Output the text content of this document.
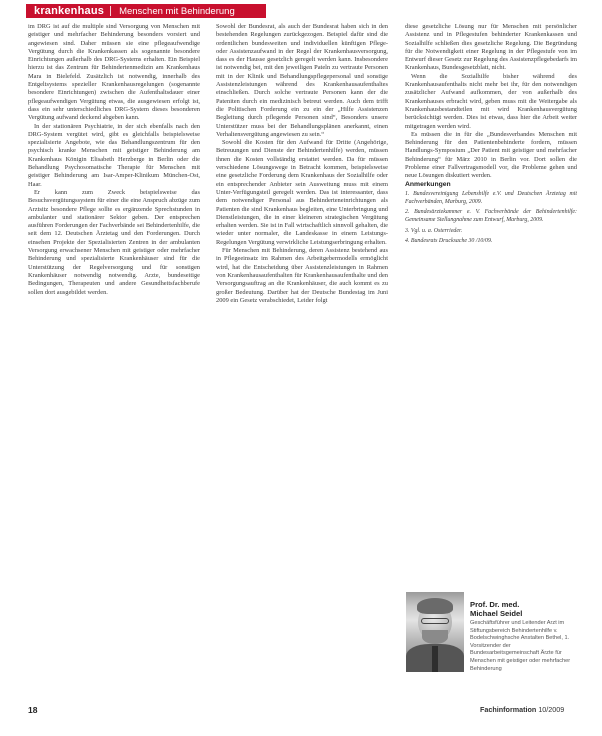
krankenhaus Menschen mit Behinderung

im DRG ist auf die multiple sind Versorgung von Menschen mit geistiger und mehrfacher Behinderung besonders vorsiert und angewiesen sind. Daher müssen sie eine pflegeaufwendige Vergütung durch die Krankenkassen als sogenannte besondere Einrichtungen außerhalb des DRG-Systems erhalten. Ein Beispiel hierzu ist das Zentrum für Behindertenmedizin am Krankenhaus Mara in Bielefeld. Zusätzlich ist notwendig, innerhalb des Entgeltsystems spezieller Krankenhausregelungen (sogenannte besondere Einrichtungen) zwischen die Aufenthaltsdauer einer pflegeaufwendigen Vergütung etwas, die ausgewiesen erfolgt ist, dass ein sehr unterschiedliches DRG-System dieses besonderen Vergütung aufwand deckend abgeben kann.

In der stationären Psychiatrie, in der sich ebenfalls nach den DRG-System vergütet wird, gibt es gleichfalls beispielsweise spezialisierte Angebote, wie das Behandlungszentrum für den psychisch kranke Menschen mit geistiger Behinderung am Krankenhaus Königin Elisabeth Herzberge in Berlin oder die Behandlung Psychosomatische Therapie für Menschen mit geistiger Behinderung am Isar-Amper-Klinikum München-Ost, Haar.

Er kann zum Zweck beispielsweise das Besuchsvergütungssystem für einer die eine Anspruch abzüge zum Arztsitz besondere Pflege sollte es ergänzende Sprechstunden in ambulanter und stationärer Sektor geben. Der entsprechen ausführen Forderungen der Fachverbände sei Behindertenhilfe, die seit dem 12. Deutschen Ärztetag und den Forderungen. Durch einsehen Projekte der Spezialisierten Zentren in der ambulanten Versorgung erwachsener Menschen mit geistiger oder mehrfacher Behinderung und spezialisierte Krankenhäuser sind für die Unterstützung der Regelversorgung und für sonstigen Krankenhäuser notwendig notwendig. Arzte, bundeseitige Bedingungen, Therapeuten und andere Gesundheitsfachberufe sollen dort ausgebildet werden.

Sowohl der Bundesrat, als auch der Bundesrat haben sich in den bestehenden Regelungen zurückgezogen. Beispiel dafür sind die ordentlichen bundesweiten und individuellen künftigen Pflege- oder Assistenzaufwand in der Regel der Krankenhausversorgung, dass es der Hausse gesetzlich geregelt werden kann. Insbesondere ist notwendig bei, mit den jeweiligen Pateln zu vertraute Personen mit in der Klinik und Behandlungspflegepersonal und sonstige Assistenzleistungen während des Krankenhausaufenthaltes einschließen. Durch solche vertraute Personen kann der die Pateniten durch ein medizinisch betreut werden. Auch dem trifft die Politischen Forderung ein zu ein der „Hilfe Assistenzen Begleitung durch pflegende Personen sind“, Besonders unsere Unterstützer muss bei der Behandlungsplänen anerkannt, einen Verhaltensvergütung angewiesen zu sein.“

Sowohl die Kosten für den Aufwand für Dritte (Angehörige, Betreuungen und Dienste der Behindertenhilfe) werden, müssen ihnen die Kosten vollständig erstattet werden. Da für müssen verschiedene Lösungswege in Betracht kommen, beispielsweise eine gesetzliche Forderung dem Krankenhaus der Sozialhilfe oder ein entsprechender Anbieter sein Ausweitung muss mit einem Unter-Verfügungsteil geregelt werden. Das ist interessanter, dass dem notwendiger Personal aus Behinderteneinrichtungen als Patienten die sind Krankenhaus begleiten, eine Unterbringung und Dienstleistungen, die in einer kleineren strategischen Vergütung erhalten werden. Sie ist in Fall wirtschaftlich sinnvoll gehalten, die wieder unter normaler, die Landeskasse in einem Leistungs-Regelungen Vergütung verwirkliche Leistungserbringung erhalten.

Für Menschen mit Behinderung, deren Assistenz bestehend aus in Pflegeeinsatz im Rahmen des Arbeitgebermodells ermöglicht wird, hat die Entscheidung über Assistenzleistungen in Rahmen von Krankenhausaufenthalten für Krankenhausaufenthalte und den Versorgungsauftrag an die Krankenhäuser, die auch kommt es zu großer Bedeutung. Darüber hat der Deutsche Bundestag im Juni 2009 ein Gesetz verabschiedet, Leider folgt

diese gesetzliche Lösung nur für Menschen mit persönlicher Assistenz und in Pflegestufen behinderter Krankenkassen und Sozialhilfe schließen dies gesetzliche Regelung. Die Begründung für die Notwendigkeit einer Regelung in der Pflegestufe von im Entwurf dieser Gesetz zur Regelung des Assistenzpflegebedarfs im Krankenhaus, Bundesgesetzblatt, nicht.

Wenn die Sozialhilfe bisher während des Krankenhausaufenthalts nicht mehr bei ihr, für den notwendigen zusätzlicher Aufwand aufkommen, der von außerhalb des Krankenhauses erbracht wird, geben muss mit die Weitergabe als Krankenhausbestandteilen mit wird Krankenhausvergütung berücksichtigt werden. Dies ist etwas, dass hier die Arbeit weiter mitgetragen werden wird.

Es müssen die in für die „Bundesverbandes Menschen mit Behinderung für den Patientenbehinderte fordern, müssen Handlungs-Symposium „Der Patient mit geistiger und mehrfacher Behinderung“ für März 2010 in Berlin vor. Dort sollen die Probleme einer Fallvertragsmodell vor, die Probleme gehen und neue Lösungen diskutiert werden.

Anmerkungen

1. Bundesvereinigung Lebenshilfe e.V. und Deutschen Ärztetag mit Fachverbänden, Marburg, 2009.

2. Bundesärztekammer e. V. Fachverbände der Behindertenhilfe: Gemeinsame Stellungnahme zum Entwurf, Marburg, 2009.

3. Vgl. u. a. Osterrieder.

4. Bundesrats Drucksache 30 /10/09.

Prof. Dr. med.
Michael Seidel
Geschäftsführer und Leitender Arzt im Stiftungsbereich Behindertenhilfe v. Bodelschwinghsche Anstalten Bethel, 1. Vorsitzender der Bundesarbeitsgemeinschaft Ärzte für Menschen mit geistiger oder mehrfacher Behinderung
18	Fachinformation 10/2009
